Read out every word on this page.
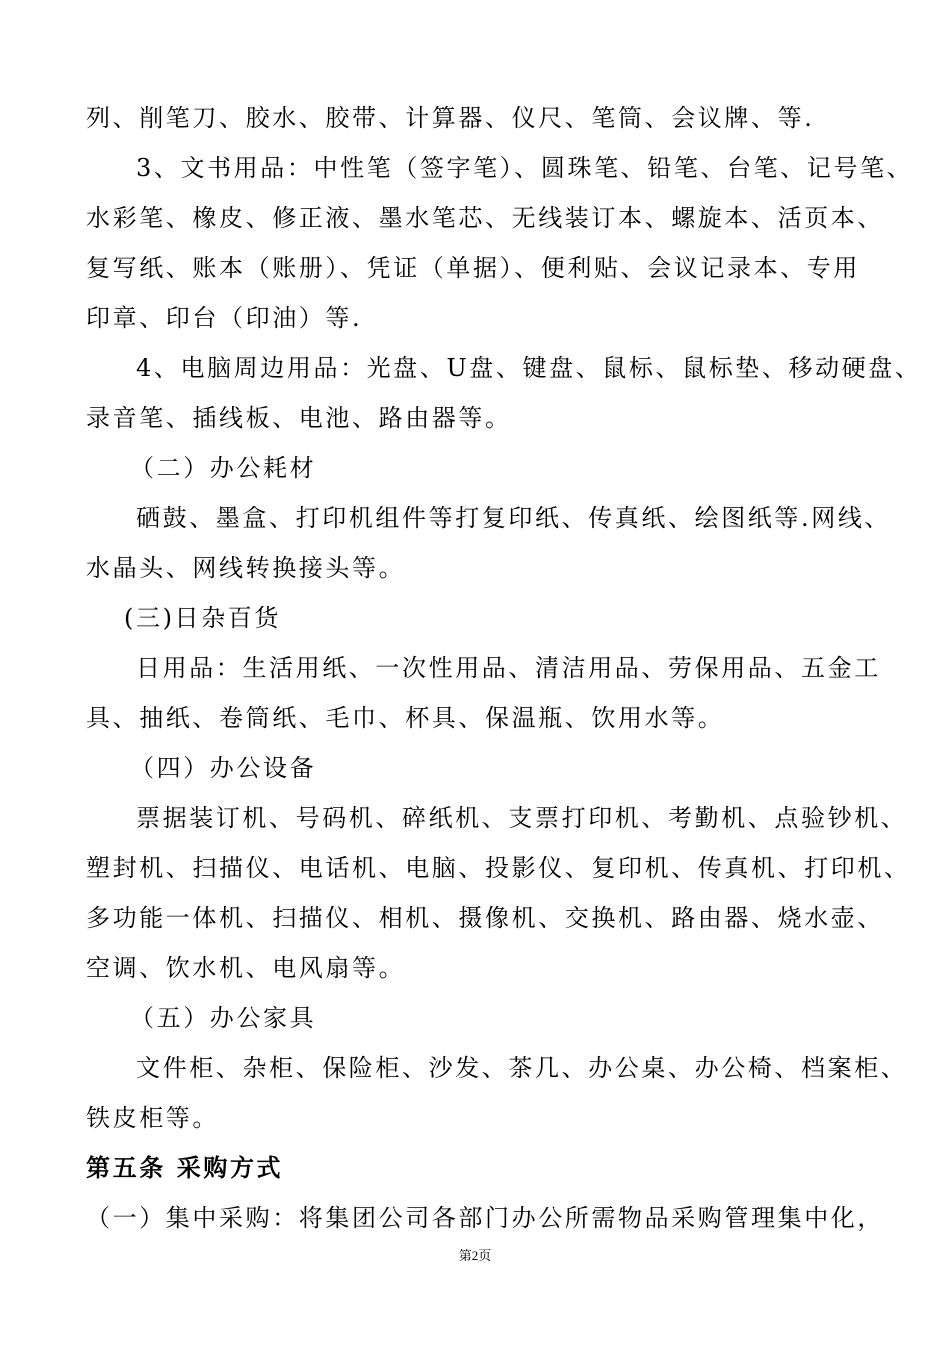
列、削笔刀、胶水、胶带、计算器、仪尺、笔筒、会议牌、等.
3、文书用品：中性笔（签字笔）、圆珠笔、铅笔、台笔、记号笔、
水彩笔、橡皮、修正液、墨水笔芯、无线装订本、螺旋本、活页本、
复写纸、账本（账册）、凭证（单据）、便利贴、会议记录本、专用
印章、印台（印油）等.
4、电脑周边用品：光盘、U盘、键盘、鼠标、鼠标垫、移动硬盘、
录音笔、插线板、电池、路由器等。
（二）办公耗材
硒鼓、墨盒、打印机组件等打复印纸、传真纸、绘图纸等.网线、
水晶头、网线转换接头等。
(三)日杂百货
日用品：生活用纸、一次性用品、清洁用品、劳保用品、五金工
具、抽纸、卷筒纸、毛巾、杯具、保温瓶、饮用水等。
（四）办公设备
票据装订机、号码机、碎纸机、支票打印机、考勤机、点验钞机、
塑封机、扫描仪、电话机、电脑、投影仪、复印机、传真机、打印机、
多功能一体机、扫描仪、相机、摄像机、交换机、路由器、烧水壶、
空调、饮水机、电风扇等。
（五）办公家具
文件柜、杂柜、保险柜、沙发、茶几、办公桌、办公椅、档案柜、
铁皮柜等。
第五条 采购方式
（一）集中采购：将集团公司各部门办公所需物品采购管理集中化，
第2页
